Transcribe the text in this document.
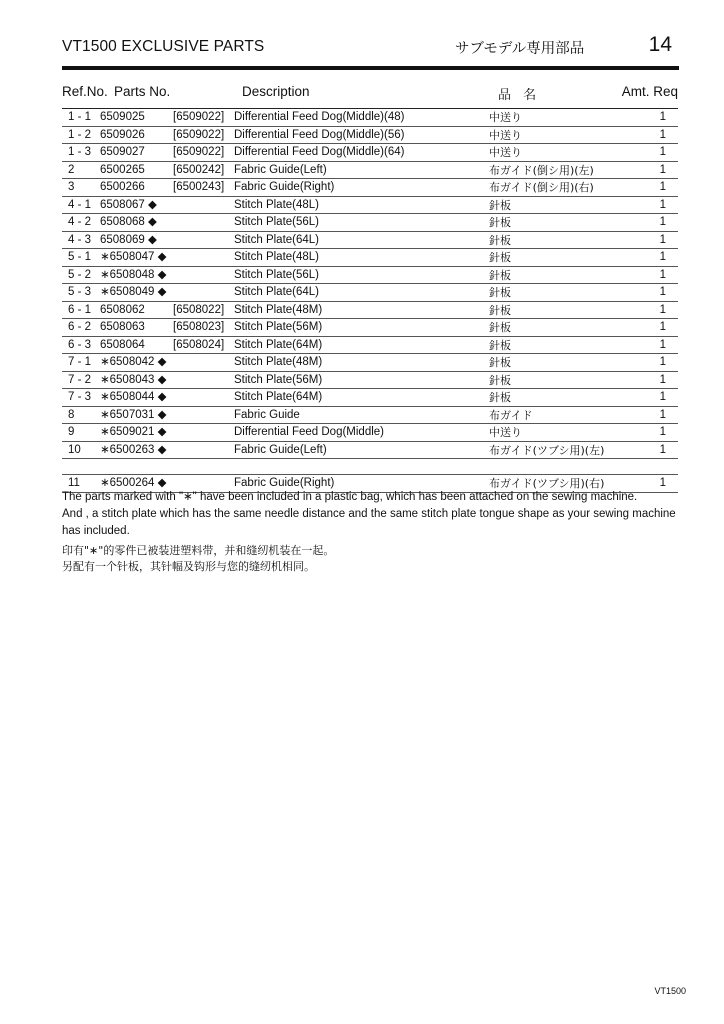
VT1500 EXCLUSIVE PARTS	サブモデル専用部品	14
Ref.No. Parts No.	Description	品 名	Amt. Req
1 - 1 6509025 [6509022] Differential Feed Dog(Middle)(48)	中送り	1
1 - 2 6509026 [6509022] Differential Feed Dog(Middle)(56)	中送り	1
1 - 3 6509027 [6509022] Differential Feed Dog(Middle)(64)	中送り	1
2 6500265 [6500242] Fabric Guide(Left)	布ガイド(倒シ用)(左)	1
3 6500266 [6500243] Fabric Guide(Right)	布ガイド(倒シ用)(右)	1
4 - 1 6508067 ◆	Stitch Plate(48L)	針板	1
4 - 2 6508068 ◆	Stitch Plate(56L)	針板	1
4 - 3 6508069 ◆	Stitch Plate(64L)	針板	1
5 - 1 ∗6508047 ◆	Stitch Plate(48L)	針板	1
5 - 2 ∗6508048 ◆	Stitch Plate(56L)	針板	1
5 - 3 ∗6508049 ◆	Stitch Plate(64L)	針板	1
6 - 1 6508062 [6508022] Stitch Plate(48M)	針板	1
6 - 2 6508063 [6508023] Stitch Plate(56M)	針板	1
6 - 3 6508064 [6508024] Stitch Plate(64M)	針板	1
7 - 1 ∗6508042 ◆	Stitch Plate(48M)	針板	1
7 - 2 ∗6508043 ◆	Stitch Plate(56M)	針板	1
7 - 3 ∗6508044 ◆	Stitch Plate(64M)	針板	1
8 ∗6507031 ◆	Fabric Guide	布ガイド	1
9 ∗6509021 ◆	Differential Feed Dog(Middle)	中送り	1
10 ∗6500263 ◆	Fabric Guide(Left)	布ガイド(ツブシ用)(左)	1
11 ∗6500264 ◆	Fabric Guide(Right)	布ガイド(ツブシ用)(右)	1

The parts marked with "∗" have been included in a plastic bag, which has been attached on the sewing machine.

And , a stitch plate which has the same needle distance and the same stitch plate tongue shape as your sewing machine has included.

印有"∗"的零件已被装进塑料带，并和缝纫机装在一起。

另配有一个针板，其针幅及钩形与您的缝纫机相同。

VT1500
